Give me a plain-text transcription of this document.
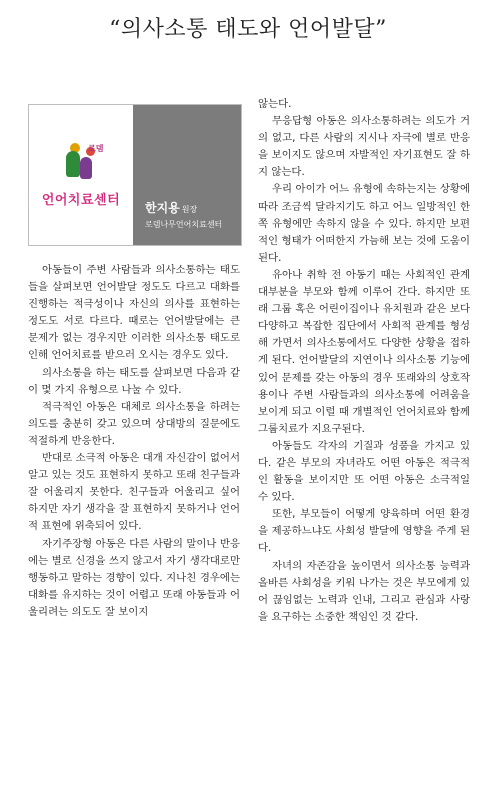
“의사소통 태도와 언어발달”
로뎀
언어치료센터
한지용 원장
로뎀나무언어치료센터

아동들이 주변 사람들과 의사소통하는 태도들을 살펴보면 언어발달 정도도 다르고 대화를 진행하는 적극성이나 자신의 의사를 표현하는 정도도 서로 다르다. 때로는 언어발달에는 큰 문제가 없는 경우지만 이러한 의사소통 태도로 인해 언어치료를 받으러 오시는 경우도 있다.

의사소통을 하는 태도를 살펴보면 다음과 같이 몇 가지 유형으로 나눌 수 있다.

적극적인 아동은 대체로 의사소통을 하려는 의도를 충분히 갖고 있으며 상대방의 질문에도 적절하게 반응한다.

반대로 소극적 아동은 대개 자신감이 없어서 알고 있는 것도 표현하지 못하고 또래 친구들과 잘 어울리지 못한다. 친구들과 어울리고 싶어 하지만 자기 생각을 잘 표현하지 못하거나 언어적 표현에 위축되어 있다.

자기주장형 아동은 다른 사람의 말이나 반응에는 별로 신경을 쓰지 않고서 자기 생각대로만 행동하고 말하는 경향이 있다. 지나친 경우에는 대화를 유지하는 것이 어렵고 또래 아동들과 어울리려는 의도도 잘 보이지

않는다.

무응답형 아동은 의사소통하려는 의도가 거의 없고, 다른 사람의 지시나 자극에 별로 반응을 보이지도 않으며 자발적인 자기표현도 잘 하지 않는다.

우리 아이가 어느 유형에 속하는지는 상황에 따라 조금씩 달라지기도 하고 어느 일방적인 한쪽 유형에만 속하지 않을 수 있다. 하지만 보편적인 형태가 어떠한지 가늠해 보는 것에 도움이 된다.

유아나 취학 전 아동기 때는 사회적인 관계 대부분을 부모와 함께 이루어 간다. 하지만 또래 그룹 혹은 어린이집이나 유치원과 같은 보다 다양하고 복잡한 집단에서 사회적 관계를 형성해 가면서 의사소통에서도 다양한 상황을 접하게 된다. 언어발달의 지연이나 의사소통 기능에 있어 문제를 갖는 아동의 경우 또래와의 상호작용이나 주변 사람들과의 의사소통에 어려움을 보이게 되고 이럴 때 개별적인 언어치료와 함께 그룹치료가 지요구된다.

아동들도 각자의 기질과 성품을 가지고 있다. 같은 부모의 자녀라도 어떤 아동은 적극적인 활동을 보이지만 또 어떤 아동은 소극적일 수 있다.

또한, 부모들이 어떻게 양육하며 어떤 환경을 제공하느냐도 사회성 발달에 영향을 주게 된다.

자녀의 자존감을 높이면서 의사소통 능력과 올바른 사회성을 키워 나가는 것은 부모에게 있어 끊임없는 노력과 인내, 그리고 관심과 사랑을 요구하는 소중한 책임인 것 같다.
